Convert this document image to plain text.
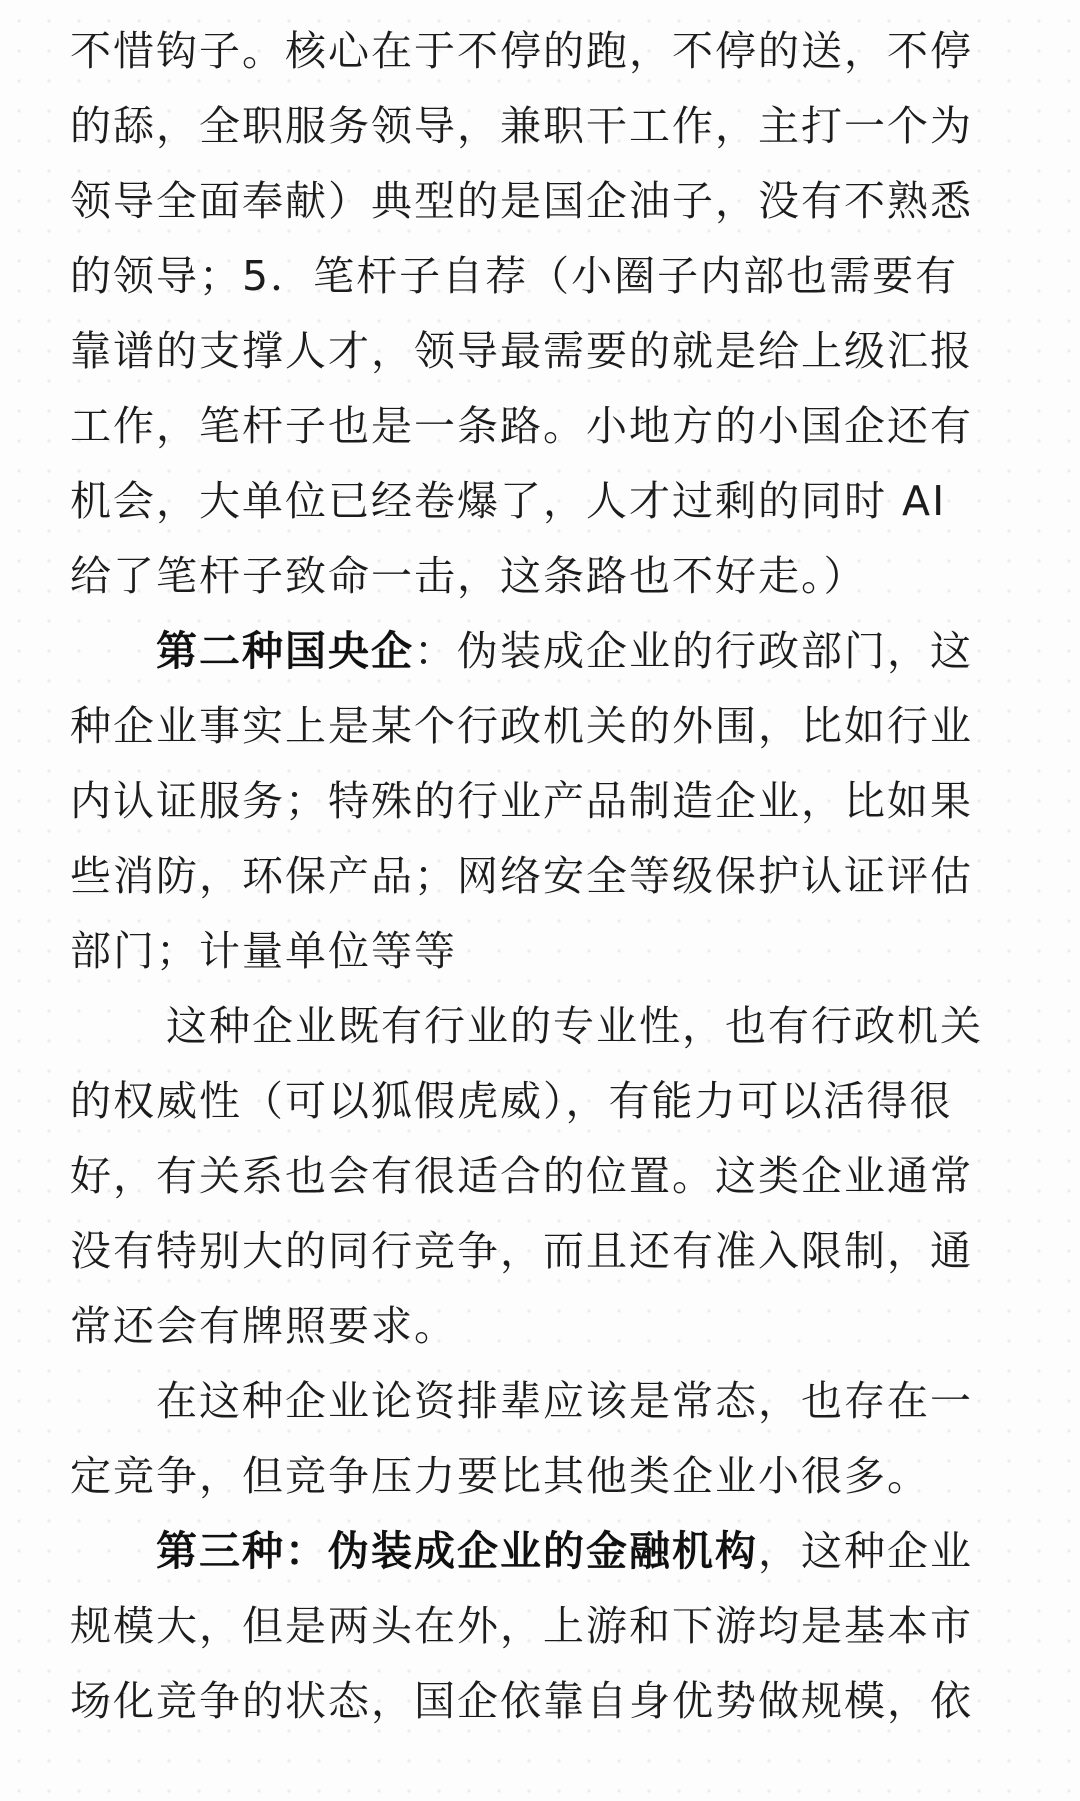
不惜钩子。核心在于不停的跑，不停的送，不停
的舔，全职服务领导，兼职干工作，主打一个为
领导全面奉献）典型的是国企油子，没有不熟悉
的领导；5．笔杆子自荐（小圈子内部也需要有
靠谱的支撑人才，领导最需要的就是给上级汇报
工作，笔杆子也是一条路。小地方的小国企还有
机会，大单位已经卷爆了，人才过剩的同时 AI
给了笔杆子致命一击，这条路也不好走。）
第二种国央企：伪装成企业的行政部门，这
种企业事实上是某个行政机关的外围，比如行业
内认证服务；特殊的行业产品制造企业，比如果
些消防，环保产品；网络安全等级保护认证评估
部门；计量单位等等
这种企业既有行业的专业性，也有行政机关
的权威性（可以狐假虎威），有能力可以活得很
好，有关系也会有很适合的位置。这类企业通常
没有特别大的同行竞争，而且还有准入限制，通
常还会有牌照要求。
在这种企业论资排辈应该是常态，也存在一
定竞争，但竞争压力要比其他类企业小很多。
第三种：伪装成企业的金融机构，这种企业
规模大，但是两头在外，上游和下游均是基本市
场化竞争的状态，国企依靠自身优势做规模，依
